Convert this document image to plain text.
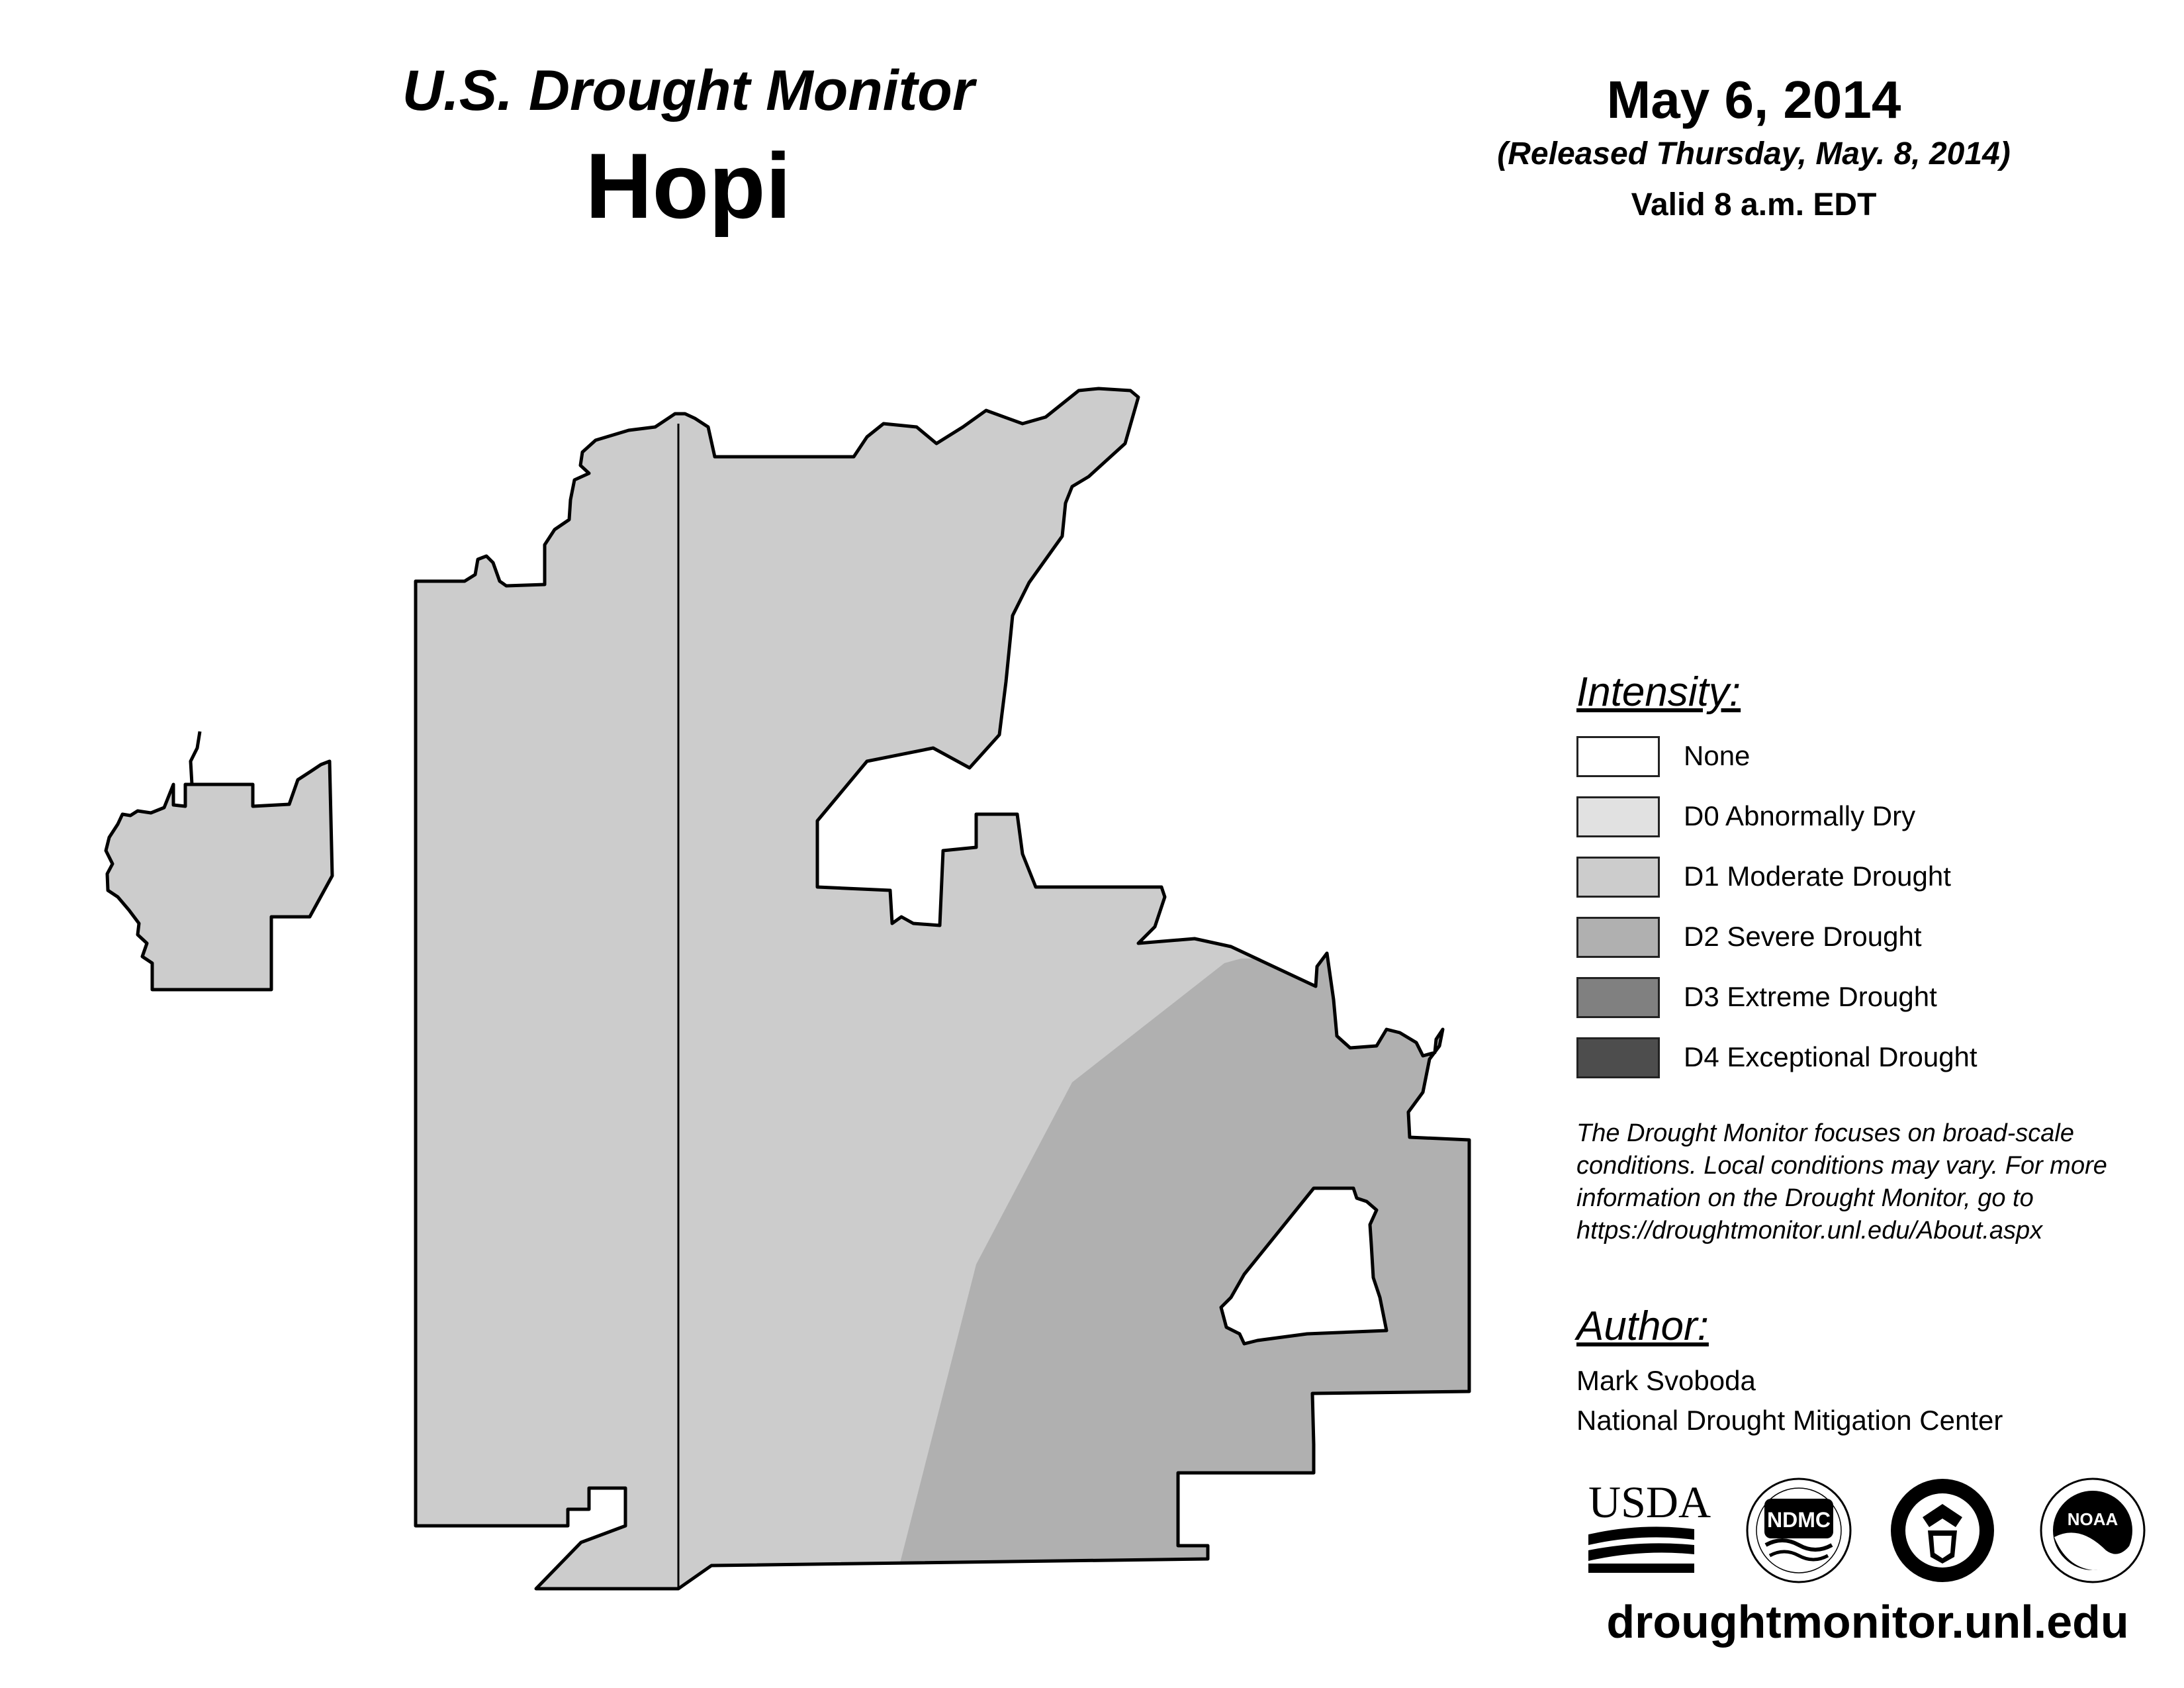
U.S. Drought Monitor
Hopi
May 6, 2014
(Released Thursday, May. 8, 2014)
Valid 8 a.m. EDT
Intensity:
None
D0 Abnormally Dry
D1 Moderate Drought
D2 Severe Drought
D3 Extreme Drought
D4 Exceptional Drought
The Drought Monitor focuses on broad-scale
conditions. Local conditions may vary. For more
information on the Drought Monitor, go to
https://droughtmonitor.unl.edu/About.aspx
Author:
Mark Svoboda
National Drought Mitigation Center
USDA	NDMC	NOAA
droughtmonitor.unl.edu
